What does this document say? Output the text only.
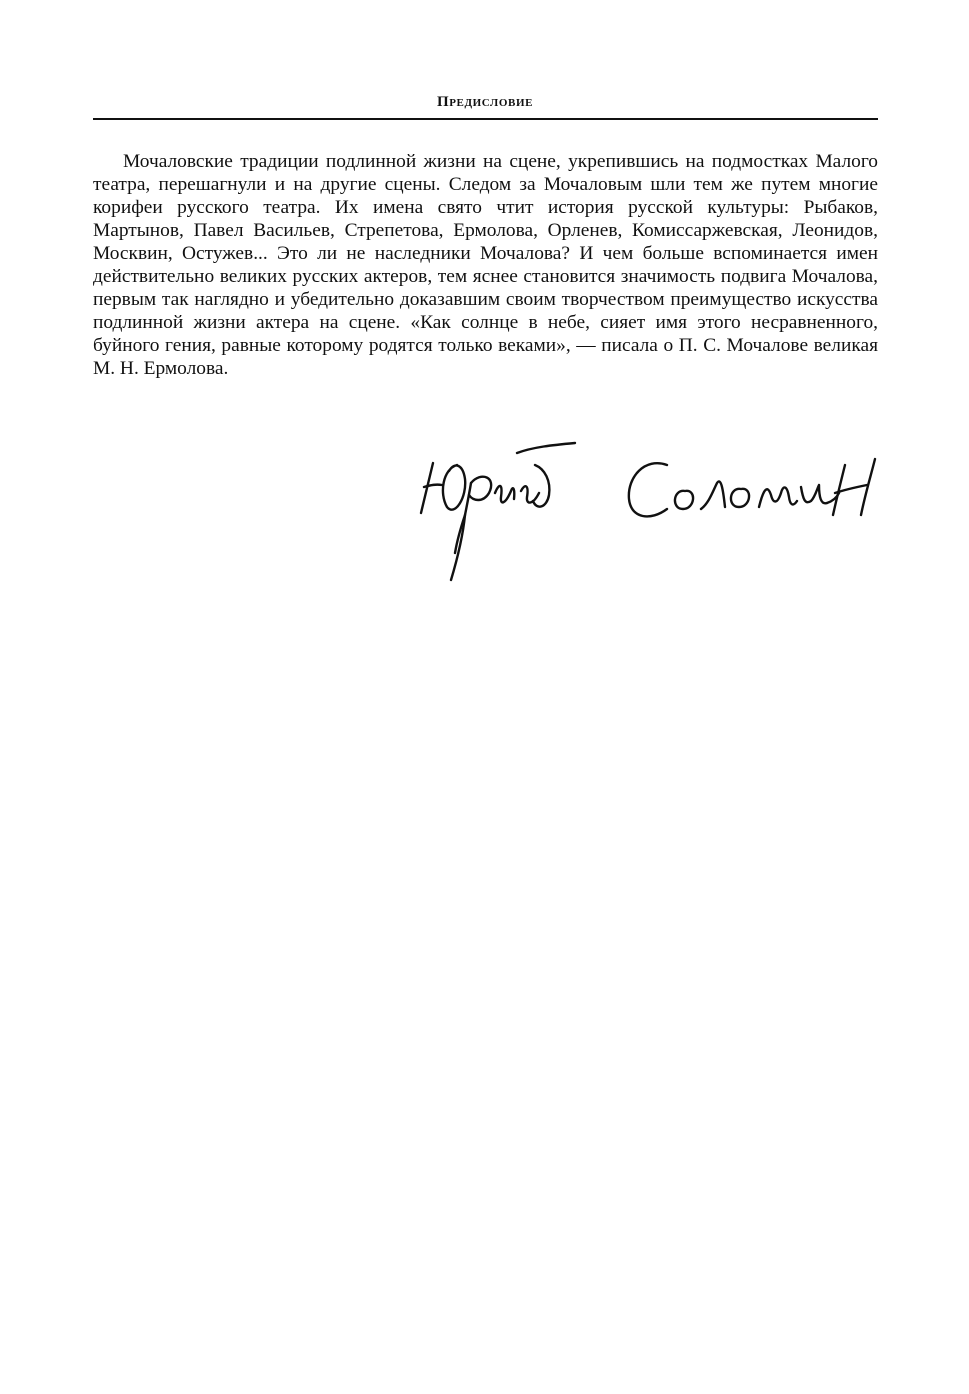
Предисловие

Мочаловские традиции подлинной жизни на сцене, укрепившись на подмостках Малого театра, перешагнули и на другие сцены. Следом за Мочаловым шли тем же путем многие корифеи русского театра. Их имена свято чтит история русской культуры: Рыбаков, Мартынов, Павел Васильев, Стрепетова, Ермолова, Орленев, Комиссаржевская, Леонидов, Москвин, Остужев... Это ли не наследники Мочалова? И чем больше вспоминается имен действительно великих русских актеров, тем яснее становится значимость подвига Мочалова, первым так наглядно и убедительно доказавшим своим творчеством преимущество искусства подлинной жизни актера на сцене. «Как солнце в небе, сияет имя этого несравненного, буйного гения, равные которому родятся только веками», — писала о П. С. Мочалове великая М. Н. Ермолова.
